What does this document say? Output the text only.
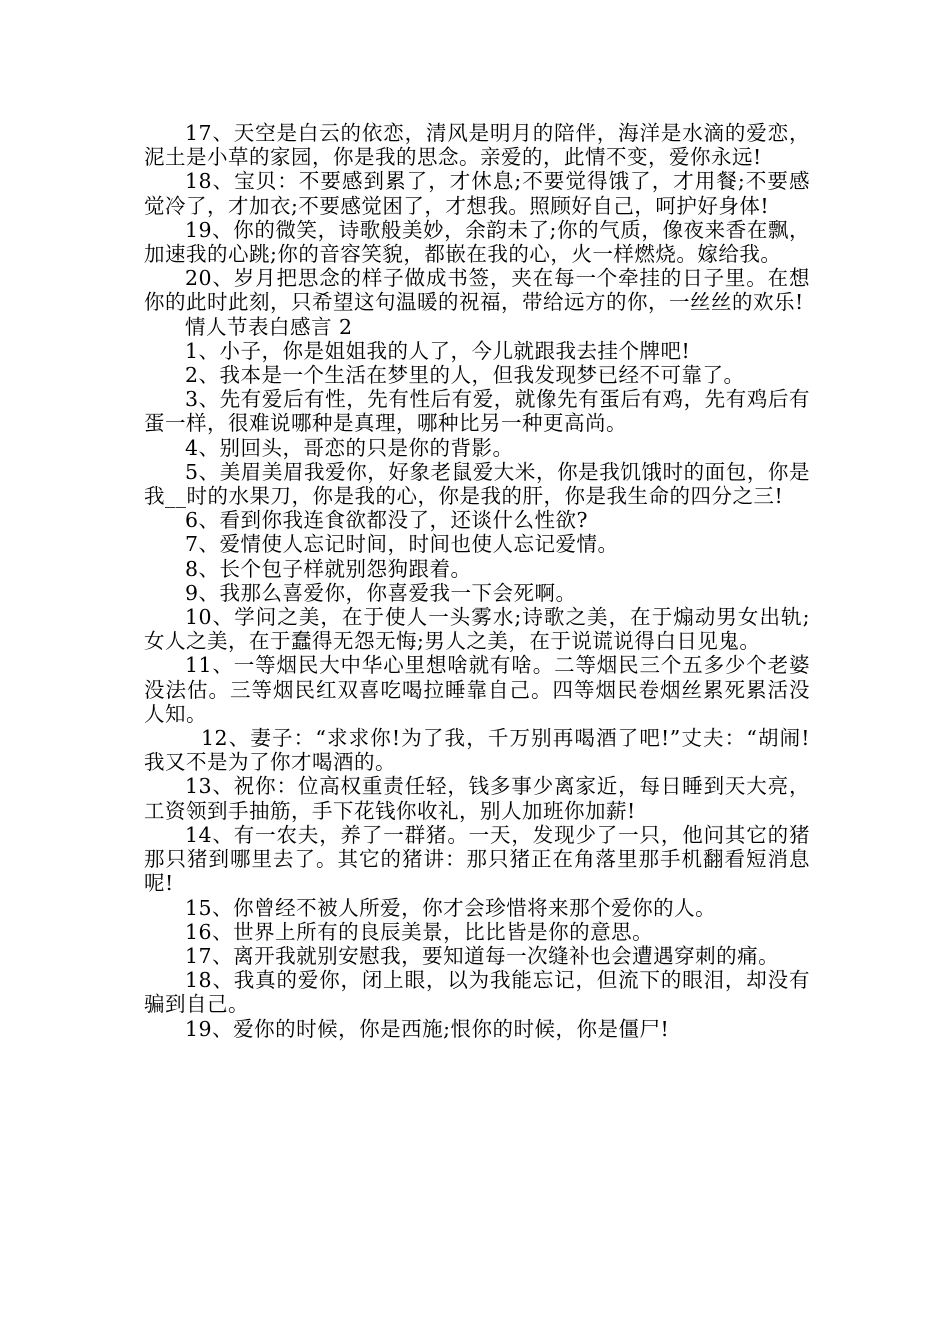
17、天空是白云的依恋，清风是明月的陪伴，海洋是水滴的爱恋，泥土是小草的家园，你是我的思念。亲爱的，此情不变，爱你永远!

18、宝贝：不要感到累了，才休息;不要觉得饿了，才用餐;不要感觉冷了，才加衣;不要感觉困了，才想我。照顾好自己，呵护好身体!

19、你的微笑，诗歌般美妙，余韵未了;你的气质，像夜来香在飘，加速我的心跳;你的音容笑貌，都嵌在我的心，火一样燃烧。嫁给我。

20、岁月把思念的样子做成书签，夹在每一个牵挂的日子里。在想你的此时此刻，只希望这句温暖的祝福，带给远方的你，一丝丝的欢乐!

情人节表白感言 2

1、小子，你是姐姐我的人了，今儿就跟我去挂个牌吧!

2、我本是一个生活在梦里的人，但我发现梦已经不可靠了。

3、先有爱后有性，先有性后有爱，就像先有蛋后有鸡，先有鸡后有蛋一样，很难说哪种是真理，哪种比另一种更高尚。

4、别回头，哥恋的只是你的背影。

5、美眉美眉我爱你，好象老鼠爱大米，你是我饥饿时的面包，你是我__时的水果刀，你是我的心，你是我的肝，你是我生命的四分之三!

6、看到你我连食欲都没了，还谈什么性欲?

7、爱情使人忘记时间，时间也使人忘记爱情。

8、长个包子样就别怨狗跟着。

9、我那么喜爱你，你喜爱我一下会死啊。

10、学问之美，在于使人一头雾水;诗歌之美，在于煽动男女出轨;女人之美，在于蠢得无怨无悔;男人之美，在于说谎说得白日见鬼。

11、一等烟民大中华心里想啥就有啥。二等烟民三个五多少个老婆没法估。三等烟民红双喜吃喝拉睡靠自己。四等烟民卷烟丝累死累活没人知。

12、妻子：“求求你!为了我，千万别再喝酒了吧!”丈夫：“胡闹!我又不是为了你才喝酒的。

13、祝你：位高权重责任轻，钱多事少离家近，每日睡到天大亮，工资领到手抽筋，手下花钱你收礼，别人加班你加薪!

14、有一农夫，养了一群猪。一天，发现少了一只，他问其它的猪那只猪到哪里去了。其它的猪讲：那只猪正在角落里那手机翻看短消息呢!

15、你曾经不被人所爱，你才会珍惜将来那个爱你的人。

16、世界上所有的良辰美景，比比皆是你的意思。

17、离开我就别安慰我，要知道每一次缝补也会遭遇穿刺的痛。

18、我真的爱你，闭上眼，以为我能忘记，但流下的眼泪，却没有骗到自己。

19、爱你的时候，你是西施;恨你的时候，你是僵尸!
